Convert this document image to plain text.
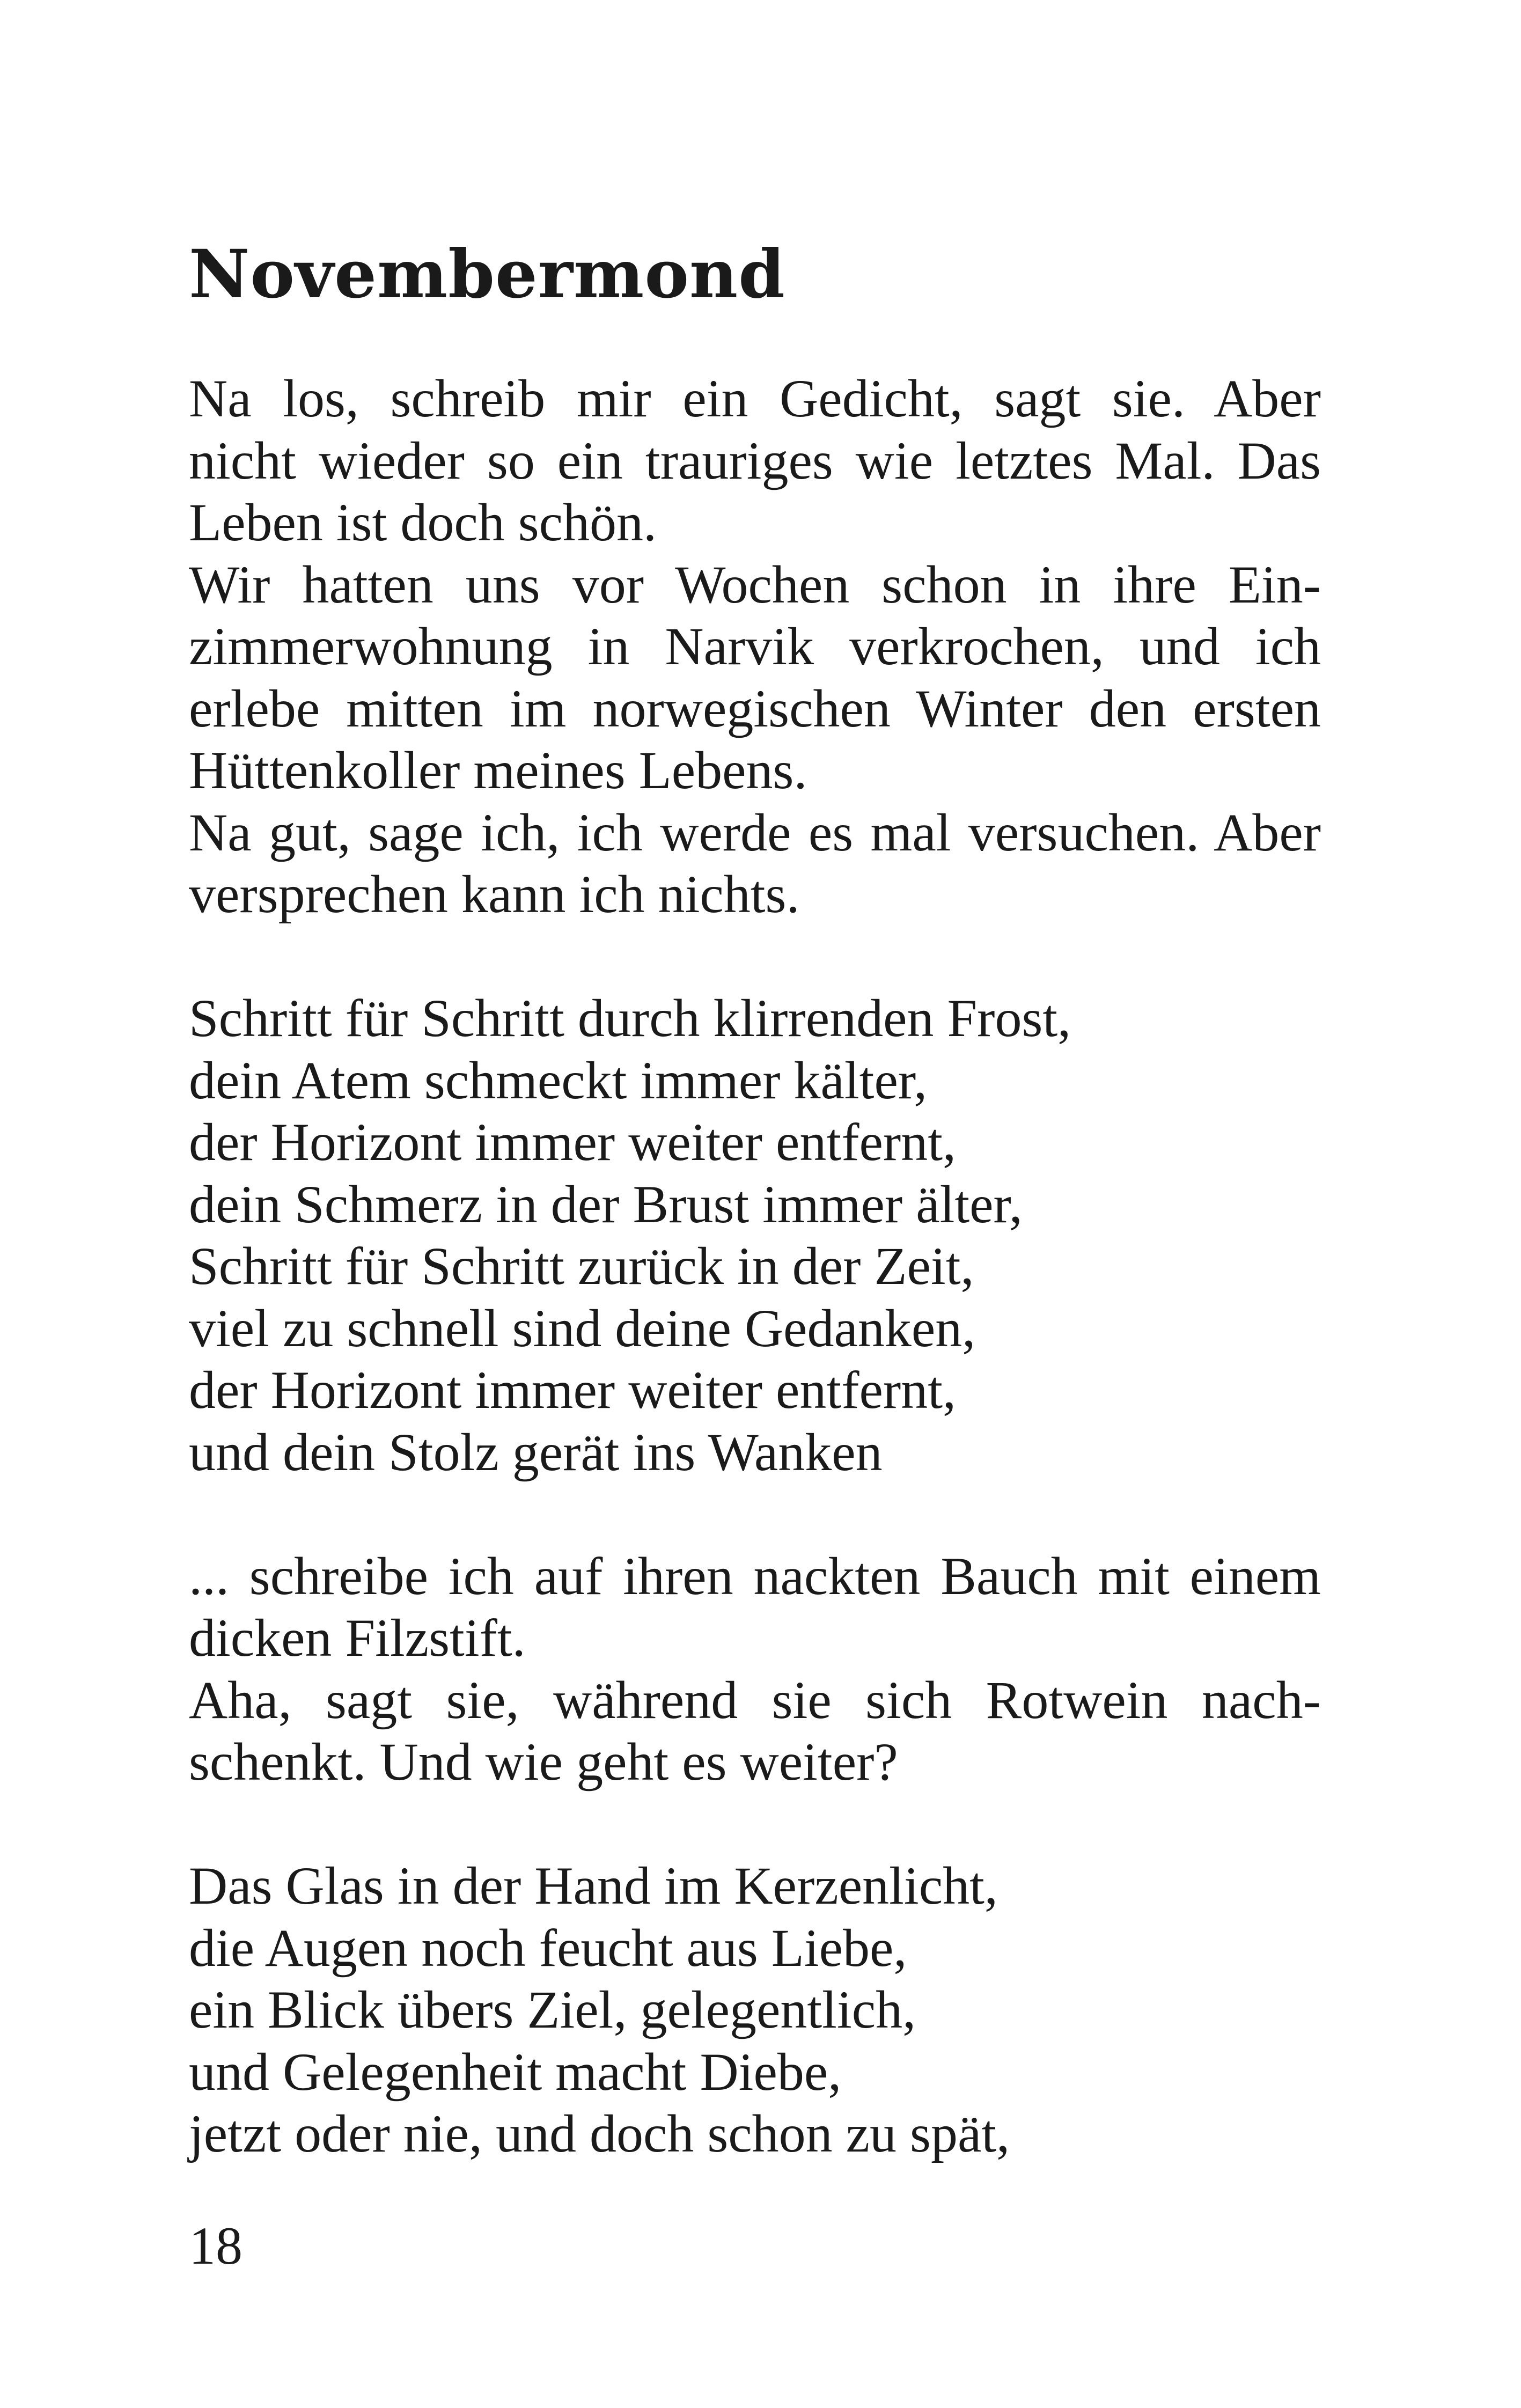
Novembermond
Na los, schreib mir ein Gedicht, sagt sie. Aber
nicht wieder so ein trauriges wie letztes Mal. Das
Leben ist doch schön.
Wir hatten uns vor Wochen schon in ihre Ein-
zimmerwohnung in Narvik verkrochen, und ich
erlebe mitten im norwegischen Winter den ersten
Hüttenkoller meines Lebens.
Na gut, sage ich, ich werde es mal versuchen. Aber
versprechen kann ich nichts.
Schritt für Schritt durch klirrenden Frost,
dein Atem schmeckt immer kälter,
der Horizont immer weiter entfernt,
dein Schmerz in der Brust immer älter,
Schritt für Schritt zurück in der Zeit,
viel zu schnell sind deine Gedanken,
der Horizont immer weiter entfernt,
und dein Stolz gerät ins Wanken
... schreibe ich auf ihren nackten Bauch mit einem
dicken Filzstift.
Aha, sagt sie, während sie sich Rotwein nach-
schenkt. Und wie geht es weiter?
Das Glas in der Hand im Kerzenlicht,
die Augen noch feucht aus Liebe,
ein Blick übers Ziel, gelegentlich,
und Gelegenheit macht Diebe,
jetzt oder nie, und doch schon zu spät,
18
